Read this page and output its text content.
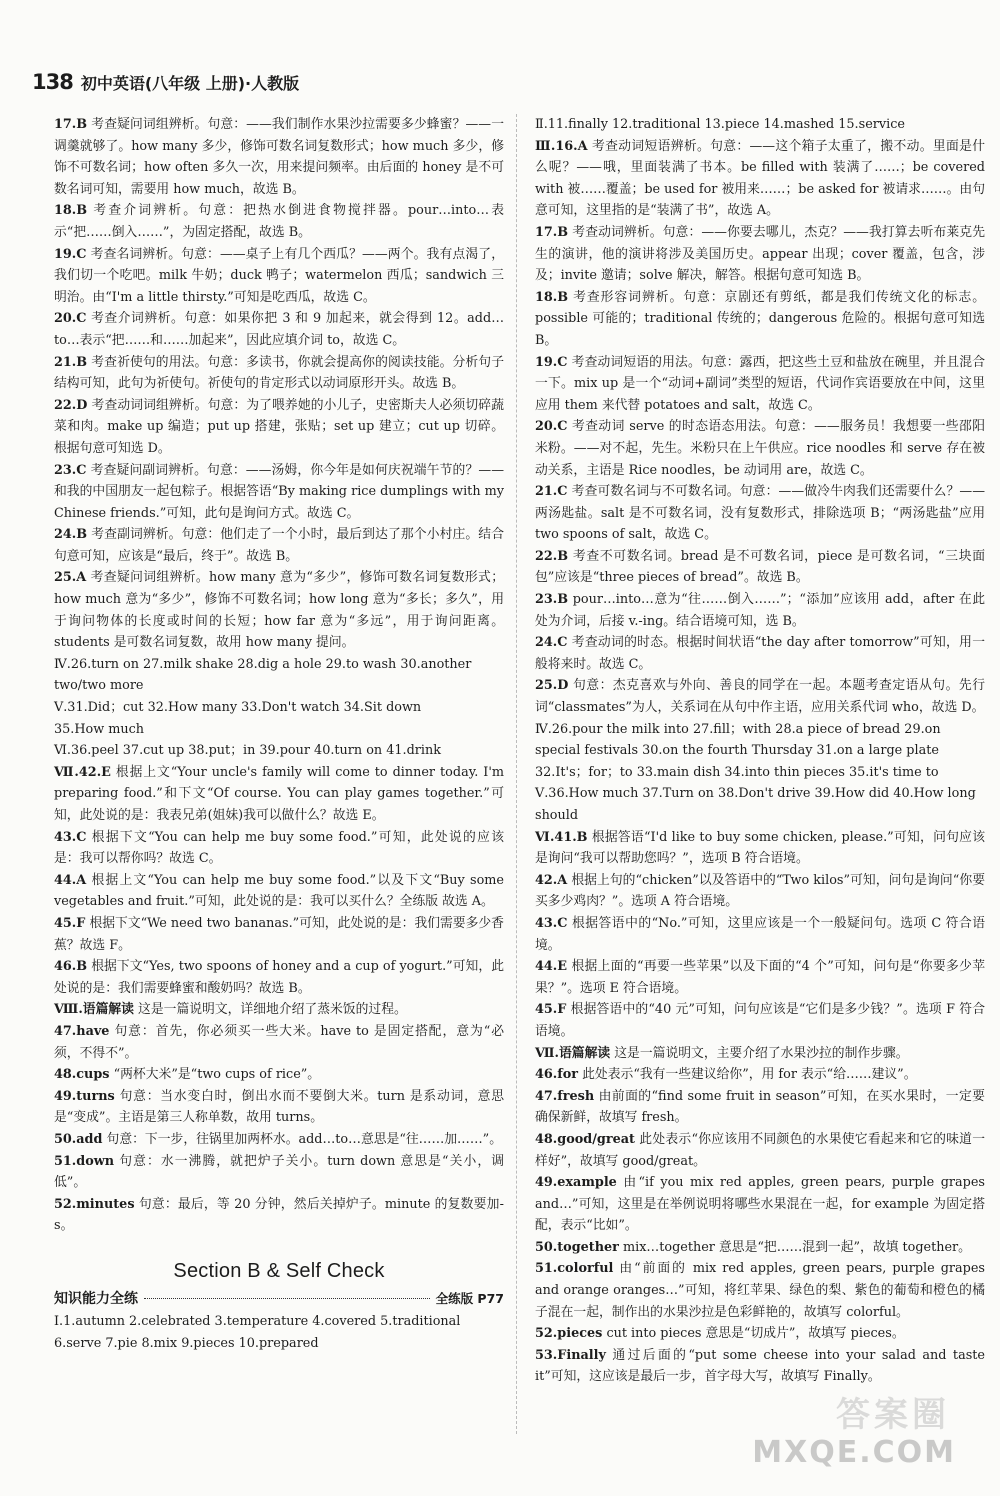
138 初中英语(八年级 上册)·人教版

17.B 考查疑问词组辨析。句意：——我们制作水果沙拉需要多少蜂蜜？——一调羹就够了。how many 多少，修饰可数名词复数形式；how much 多少，修饰不可数名词；how often 多久一次，用来提问频率。由后面的 honey 是不可数名词可知，需要用 how much，故选 B。

18.B 考查介词辨析。句意：把热水倒进食物搅拌器。pour…into…表示“把……倒入……”，为固定搭配，故选 B。

19.C 考查名词辨析。句意：——桌子上有几个西瓜？——两个。我有点渴了，我们切一个吃吧。milk 牛奶；duck 鸭子；watermelon 西瓜；sandwich 三明治。由“I'm a little thirsty.”可知是吃西瓜，故选 C。

20.C 考查介词辨析。句意：如果你把 3 和 9 加起来，就会得到 12。add…to…表示“把……和……加起来”，因此应填介词 to，故选 C。

21.B 考查祈使句的用法。句意：多读书，你就会提高你的阅读技能。分析句子结构可知，此句为祈使句。祈使句的肯定形式以动词原形开头。故选 B。

22.D 考查动词词组辨析。句意：为了喂养她的小儿子，史密斯夫人必须切碎蔬菜和肉。make up 编造；put up 搭建，张贴；set up 建立；cut up 切碎。根据句意可知选 D。

23.C 考查疑问副词辨析。句意：——汤姆，你今年是如何庆祝端午节的？——和我的中国朋友一起包粽子。根据答语“By making rice dumplings with my Chinese friends.”可知，此句是询问方式。故选 C。

24.B 考查副词辨析。句意：他们走了一个小时，最后到达了那个小村庄。结合句意可知，应该是“最后，终于”。故选 B。

25.A 考查疑问词组辨析。how many 意为“多少”，修饰可数名词复数形式；how much 意为“多少”，修饰不可数名词；how long 意为“多长；多久”，用于询问物体的长度或时间的长短；how far 意为“多远”，用于询问距离。students 是可数名词复数，故用 how many 提问。

Ⅳ.26.turn on 27.milk shake 28.dig a hole 29.to wash 30.another two/two more

Ⅴ.31.Did；cut 32.How many 33.Don't watch 34.Sit down

35.How much

Ⅵ.36.peel 37.cut up 38.put；in 39.pour 40.turn on 41.drink

Ⅶ.42.E 根据上文“Your uncle's family will come to dinner today. I'm preparing food.”和下文“Of course. You can play games together.”可知，此处说的是：我表兄弟(姐妹)我可以做什么？故选 E。

43.C 根据下文“You can help me buy some food.”可知，此处说的应该是：我可以帮你吗？故选 C。

44.A 根据上文“You can help me buy some food.”以及下文“Buy some vegetables and fruit.”可知，此处说的是：我可以买什么？全练版 故选 A。

45.F 根据下文“We need two bananas.”可知，此处说的是：我们需要多少香蕉？故选 F。

46.B 根据下文“Yes, two spoons of honey and a cup of yogurt.”可知，此处说的是：我们需要蜂蜜和酸奶吗？故选 B。

Ⅷ.语篇解读 这是一篇说明文，详细地介绍了蒸米饭的过程。

47.have 句意：首先，你必须买一些大米。have to 是固定搭配，意为“必须，不得不”。

48.cups “两杯大米”是“two cups of rice”。

49.turns 句意：当水变白时，倒出水而不要倒大米。turn 是系动词，意思是“变成”。主语是第三人称单数，故用 turns。

50.add 句意：下一步，往锅里加两杯水。add…to…意思是“往……加……”。

51.down 句意：水一沸腾，就把炉子关小。turn down 意思是“关小，调低”。

52.minutes 句意：最后，等 20 分钟，然后关掉炉子。minute 的复数要加-s。

Section B & Self Check
知识能力全练	全练版 P77

Ⅰ.1.autumn 2.celebrated 3.temperature 4.covered 5.traditional

6.serve 7.pie 8.mix 9.pieces 10.prepared

Ⅱ.11.finally 12.traditional 13.piece 14.mashed 15.service

Ⅲ.16.A 考查动词短语辨析。句意：——这个箱子太重了，搬不动。里面是什么呢？——哦，里面装满了书本。be filled with 装满了……；be covered with 被……覆盖；be used for 被用来……；be asked for 被请求……。由句意可知，这里指的是“装满了书”，故选 A。

17.B 考查动词辨析。句意：——你要去哪儿，杰克？——我打算去听布莱克先生的演讲，他的演讲将涉及美国历史。appear 出现；cover 覆盖，包含，涉及；invite 邀请；solve 解决，解答。根据句意可知选 B。

18.B 考查形容词辨析。句意：京剧还有剪纸，都是我们传统文化的标志。possible 可能的；traditional 传统的；dangerous 危险的。根据句意可知选 B。

19.C 考查动词短语的用法。句意：露西，把这些土豆和盐放在碗里，并且混合一下。mix up 是一个“动词+副词”类型的短语，代词作宾语要放在中间，这里应用 them 来代替 potatoes and salt，故选 C。

20.C 考查动词 serve 的时态语态用法。句意：——服务员！我想要一些邵阳米粉。——对不起，先生。米粉只在上午供应。rice noodles 和 serve 存在被动关系，主语是 Rice noodles，be 动词用 are，故选 C。

21.C 考查可数名词与不可数名词。句意：——做冷牛肉我们还需要什么？——两汤匙盐。salt 是不可数名词，没有复数形式，排除选项 B；“两汤匙盐”应用 two spoons of salt，故选 C。

22.B 考查不可数名词。bread 是不可数名词，piece 是可数名词，“三块面包”应该是“three pieces of bread”。故选 B。

23.B pour…into…意为“往……倒入……”；“添加”应该用 add，after 在此处为介词，后接 v.-ing。结合语境可知，选 B。

24.C 考查动词的时态。根据时间状语“the day after tomorrow”可知，用一般将来时。故选 C。

25.D 句意：杰克喜欢与外向、善良的同学在一起。本题考查定语从句。先行词“classmates”为人，关系词在从句中作主语，应用关系代词 who，故选 D。

Ⅳ.26.pour the milk into 27.fill；with 28.a piece of bread 29.on special festivals 30.on the fourth Thursday 31.on a large plate 32.It's；for；to 33.main dish 34.into thin pieces 35.it's time to

Ⅴ.36.How much 37.Turn on 38.Don't drive 39.How did 40.How long should

Ⅵ.41.B 根据答语“I'd like to buy some chicken, please.”可知，问句应该是询问“我可以帮助您吗？”，选项 B 符合语境。

42.A 根据上句的“chicken”以及答语中的“Two kilos”可知，问句是询问“你要买多少鸡肉？”。选项 A 符合语境。

43.C 根据答语中的“No.”可知，这里应该是一个一般疑问句。选项 C 符合语境。

44.E 根据上面的“再要一些苹果”以及下面的“4 个”可知，问句是“你要多少苹果？”。选项 E 符合语境。

45.F 根据答语中的“40 元”可知，问句应该是“它们是多少钱？”。选项 F 符合语境。

Ⅶ.语篇解读 这是一篇说明文，主要介绍了水果沙拉的制作步骤。

46.for 此处表示“我有一些建议给你”，用 for 表示“给……建议”。

47.fresh 由前面的“find some fruit in season”可知，在买水果时，一定要确保新鲜，故填写 fresh。

48.good/great 此处表示“你应该用不同颜色的水果使它看起来和它的味道一样好”，故填写 good/great。

49.example 由“if you mix red apples, green pears, purple grapes and…”可知，这里是在举例说明将哪些水果混在一起，for example 为固定搭配，表示“比如”。

50.together mix…together 意思是“把……混到一起”，故填 together。

51.colorful 由“前面的 mix red apples, green pears, purple grapes and orange oranges…”可知，将红苹果、绿色的梨、紫色的葡萄和橙色的橘子混在一起，制作出的水果沙拉是色彩鲜艳的，故填写 colorful。

52.pieces cut into pieces 意思是“切成片”，故填写 pieces。

53.Finally 通过后面的“put some cheese into your salad and taste it”可知，这应该是最后一步，首字母大写，故填写 Finally。

答案圈
MXQE.COM
